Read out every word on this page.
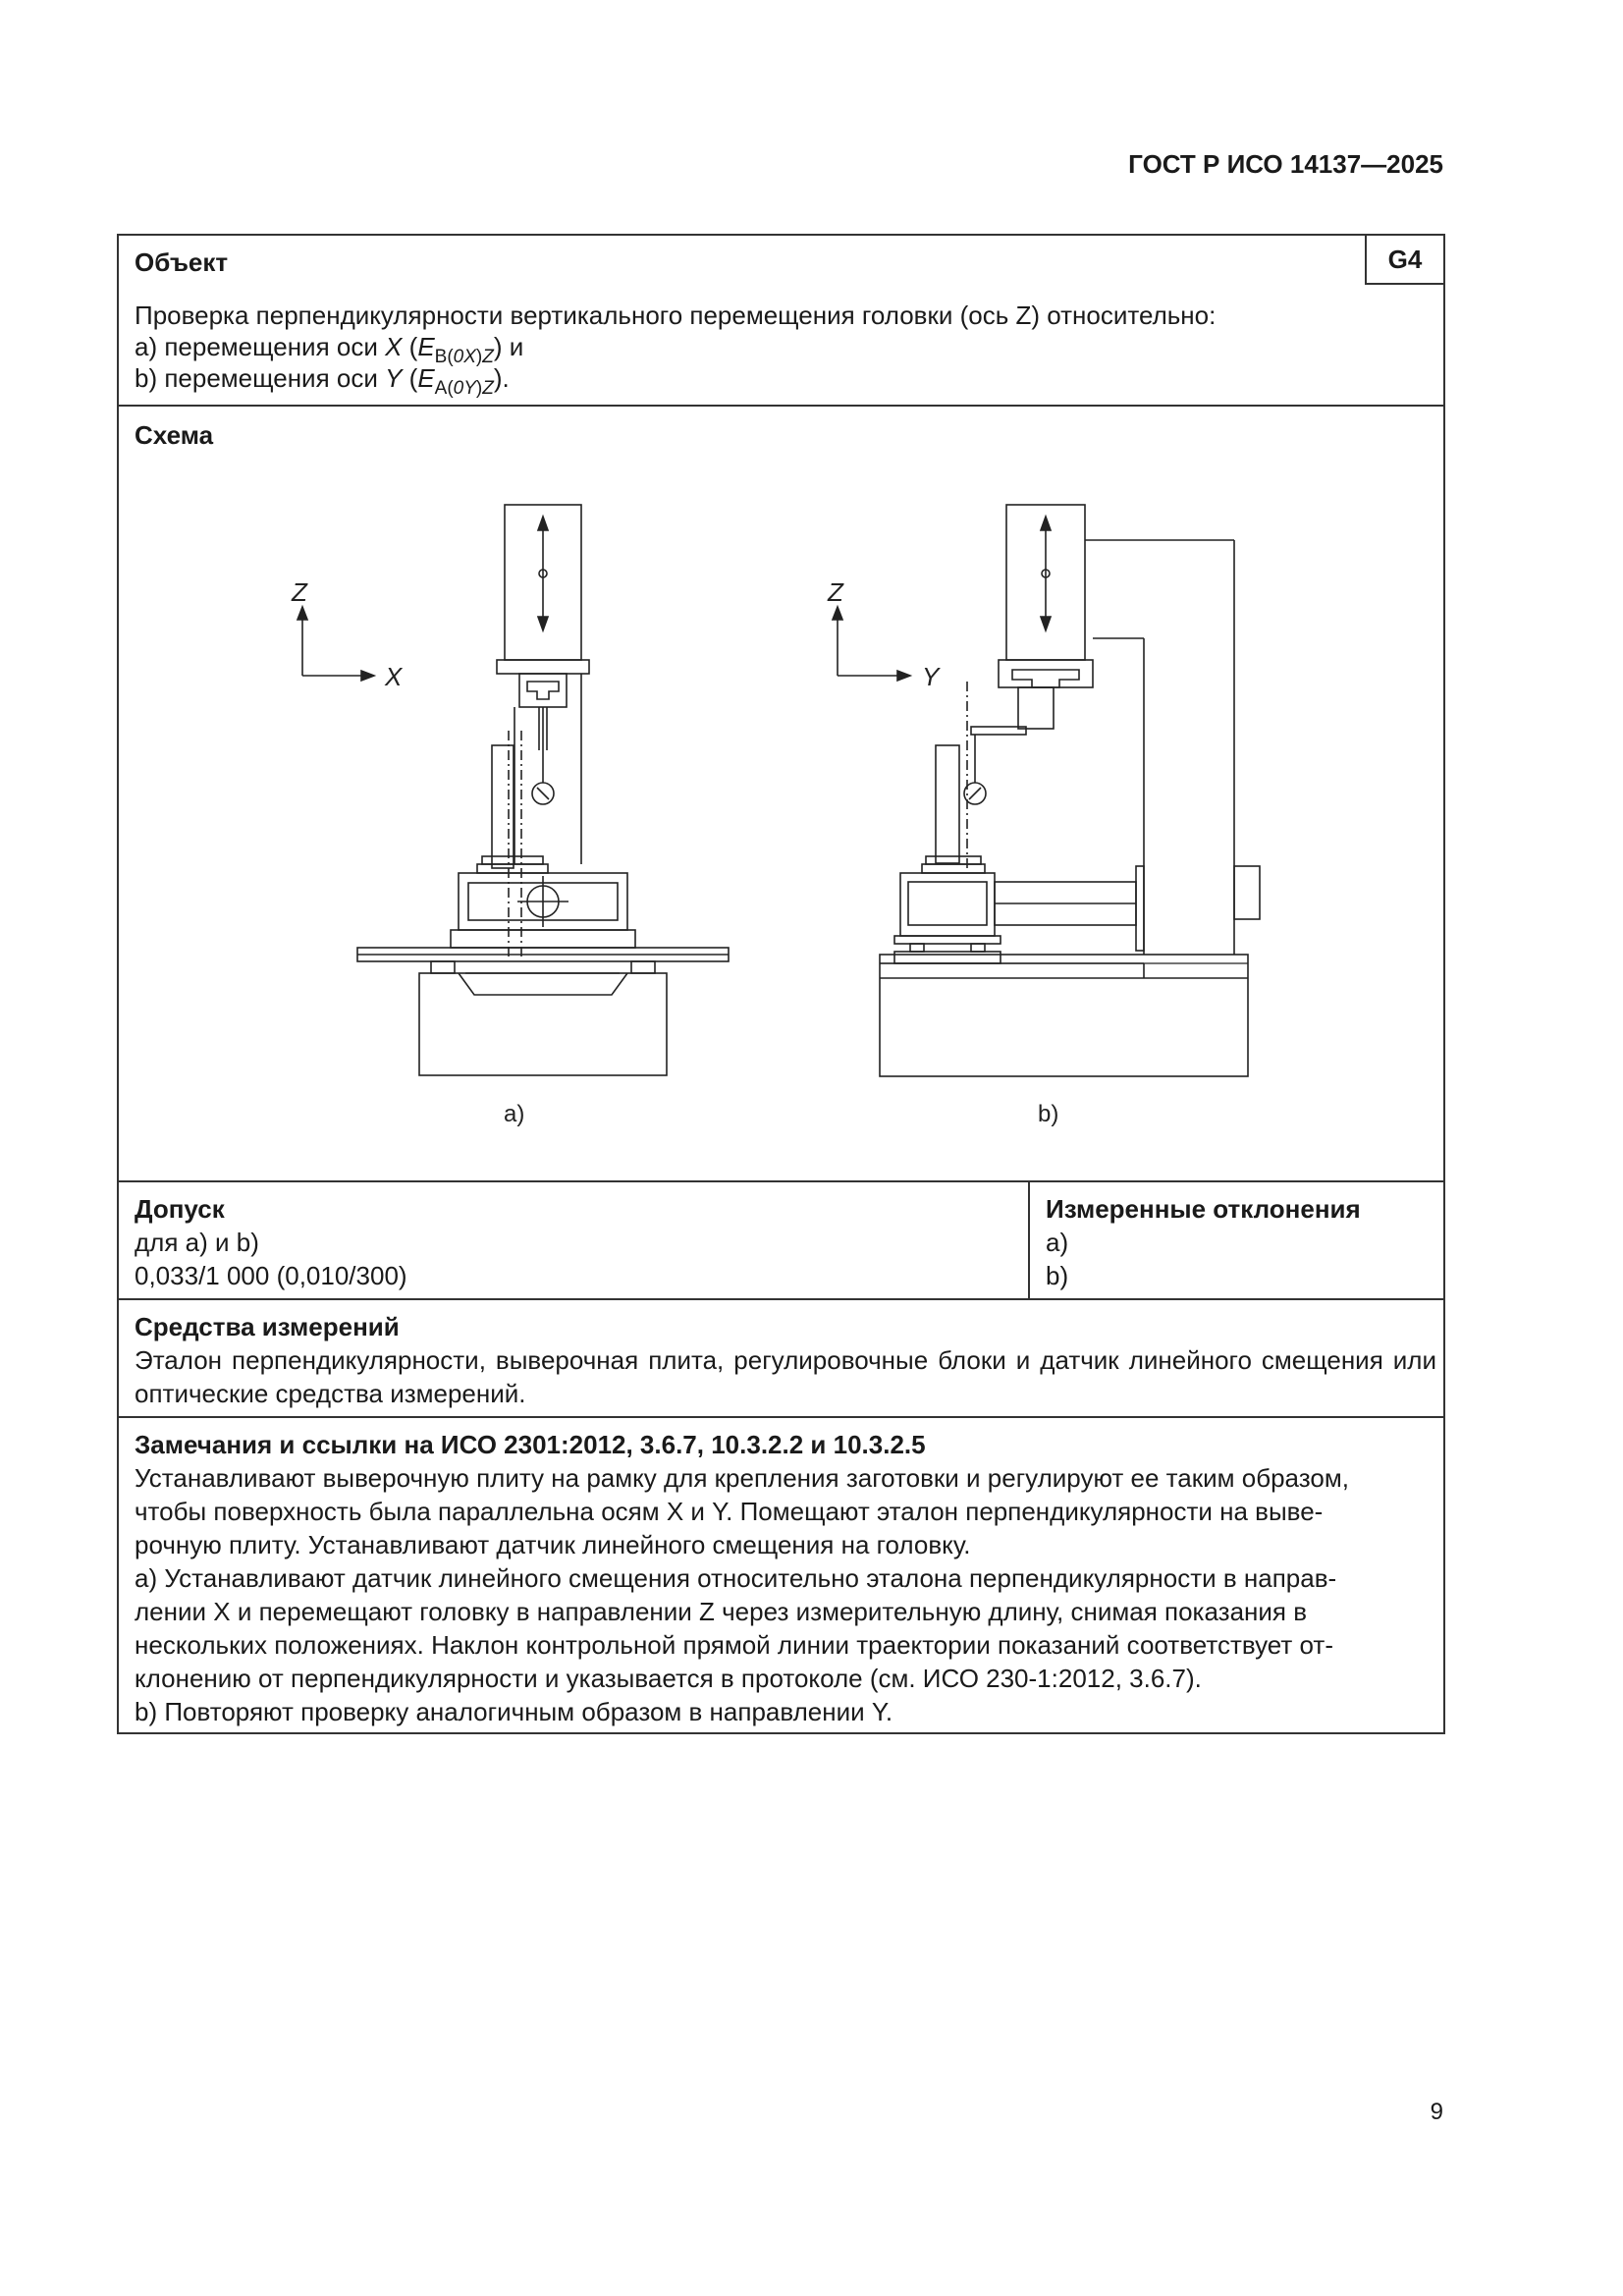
ГОСТ Р ИСО 14137—2025
G4
Объект
Проверка перпендикулярности вертикального перемещения головки (ось Z) относительно:
a) перемещения оси X $(E_{B(0X)Z})$ и
b) перемещения оси Y $(E_{A(0Y)Z})$.
Схема
Z
X
a)
Z
Y
b)
Допуск
для a) и b)
0,033/1 000 (0,010/300)
Измеренные отклонения
a)
b)
Средства измерений
Эталон перпендикулярности, выверочная плита, регулировочные блоки и датчик линейного смещения или оптические средства измерений.
Замечания и ссылки на ИСО 2301:2012, 3.6.7, 10.3.2.2 и 10.3.2.5
Устанавливают выверочную плиту на рамку для крепления заготовки и регулируют ее таким образом,
чтобы поверхность была параллельна осям X и Y. Помещают эталон перпендикулярности на выве-
рочную плиту. Устанавливают датчик линейного смещения на головку.
a) Устанавливают датчик линейного смещения относительно эталона перпендикулярности в направ-
лении X и перемещают головку в направлении Z через измерительную длину, снимая показания в
нескольких положениях. Наклон контрольной прямой линии траектории показаний соответствует от-
клонению от перпендикулярности и указывается в протоколе (см. ИСО 230-1:2012, 3.6.7).
b) Повторяют проверку аналогичным образом в направлении Y.
9
